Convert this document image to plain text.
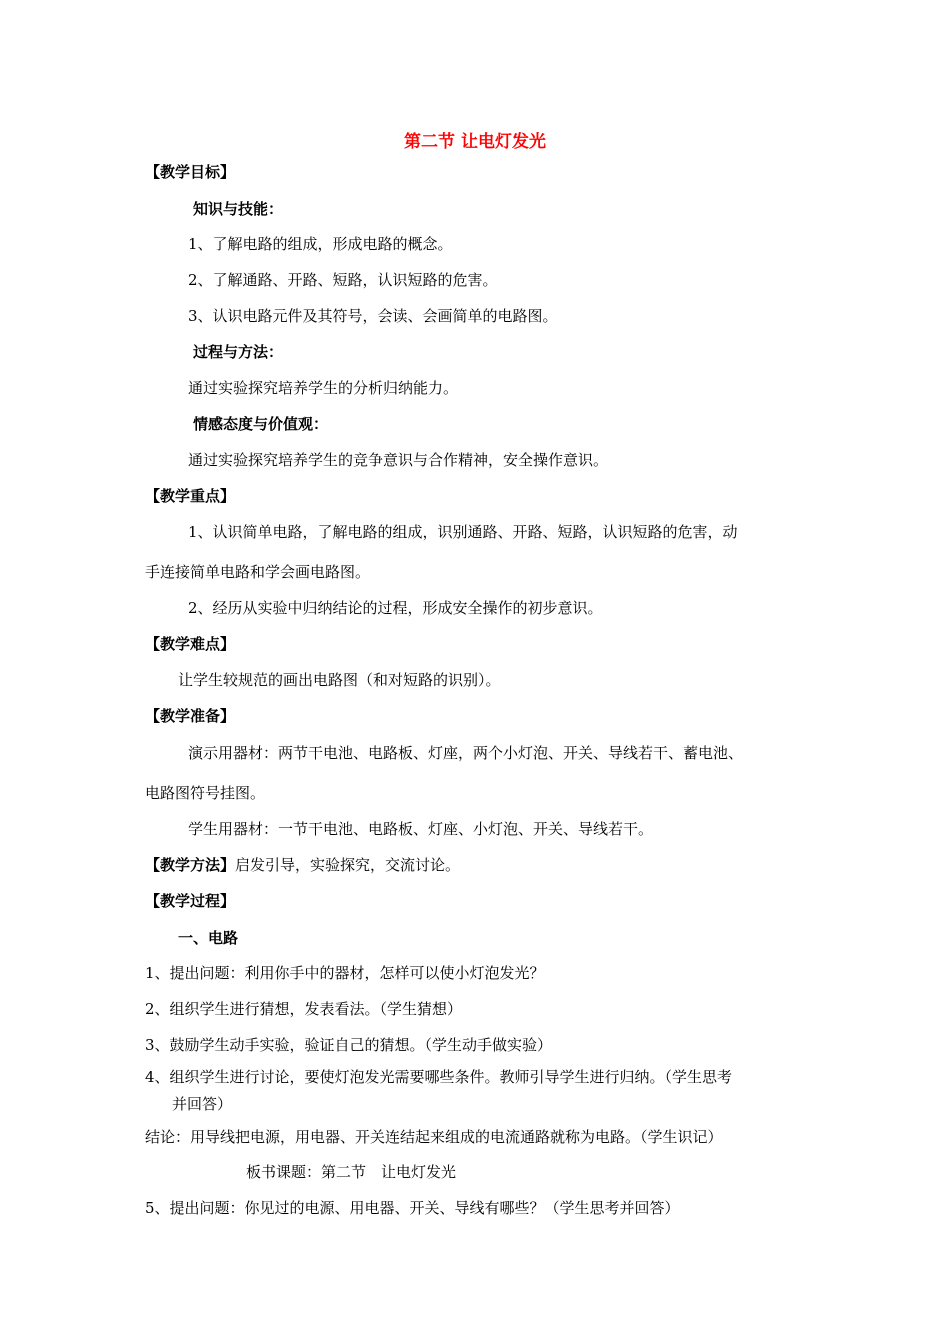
第二节 让电灯发光
【教学目标】
知识与技能：
1、了解电路的组成，形成电路的概念。
2、了解通路、开路、短路，认识短路的危害。
3、认识电路元件及其符号，会读、会画简单的电路图。
过程与方法：
通过实验探究培养学生的分析归纳能力。
情感态度与价值观：
通过实验探究培养学生的竞争意识与合作精神，安全操作意识。
【教学重点】
1、认识简单电路，了解电路的组成，识别通路、开路、短路，认识短路的危害，动
手连接简单电路和学会画电路图。
2、经历从实验中归纳结论的过程，形成安全操作的初步意识。
【教学难点】
让学生较规范的画出电路图（和对短路的识别）。
【教学准备】
演示用器材：两节干电池、电路板、灯座，两个小灯泡、开关、导线若干、蓄电池、
电路图符号挂图。
学生用器材：一节干电池、电路板、灯座、小灯泡、开关、导线若干。
【教学方法】启发引导，实验探究，交流讨论。
【教学过程】
一、电路
1、提出问题：利用你手中的器材，怎样可以使小灯泡发光？
2、组织学生进行猜想，发表看法。（学生猜想）
3、鼓励学生动手实验，验证自己的猜想。（学生动手做实验）
4、组织学生进行讨论，要使灯泡发光需要哪些条件。教师引导学生进行归纳。（学生思考
并回答）
结论：用导线把电源，用电器、开关连结起来组成的电流通路就称为电路。（学生识记）
板书课题：第二节　让电灯发光
5、提出问题：你见过的电源、用电器、开关、导线有哪些？（学生思考并回答）
